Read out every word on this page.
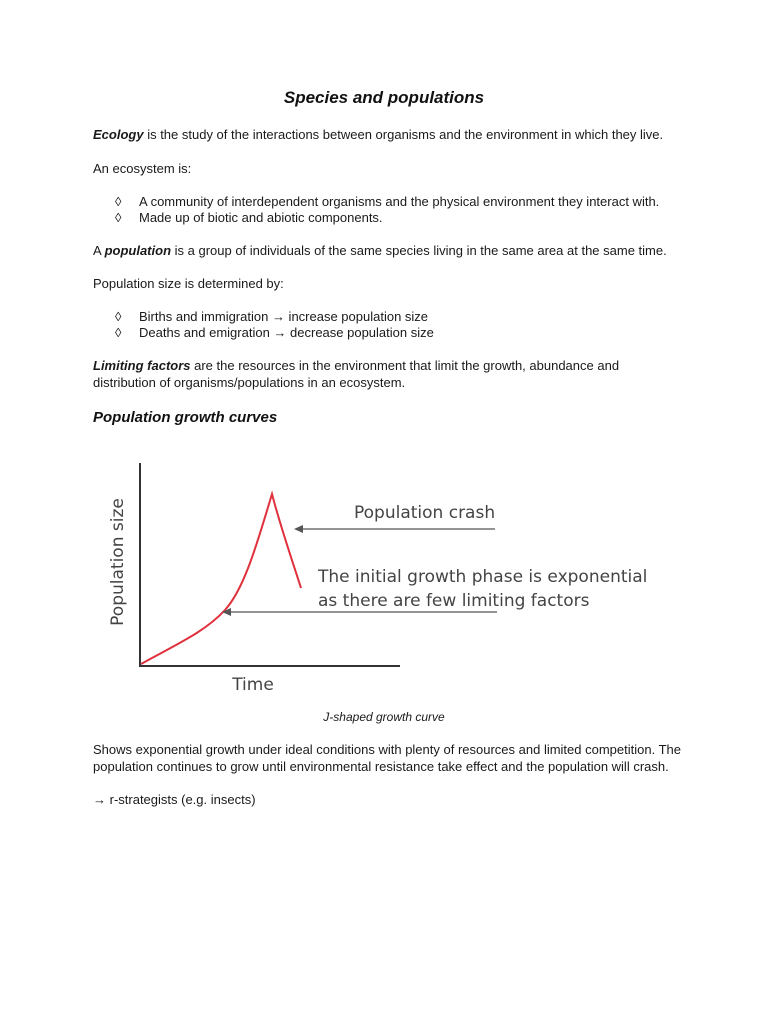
Species and populations
Ecology is the study of the interactions between organisms and the environment in which they live.
An ecosystem is:
◊ A community of interdependent organisms and the physical environment they interact with.
◊ Made up of biotic and abiotic components.
A population is a group of individuals of the same species living in the same area at the same time.
Population size is determined by:
◊ Births and immigration → increase population size
◊ Deaths and emigration → decrease population size
Limiting factors are the resources in the environment that limit the growth, abundance and distribution of organisms/populations in an ecosystem.
Population growth curves
Population size
Time
Population crash
The initial growth phase is exponential
as there are few limiting factors
J-shaped growth curve
Shows exponential growth under ideal conditions with plenty of resources and limited competition. The population continues to grow until environmental resistance take effect and the population will crash.
→ r-strategists (e.g. insects)
